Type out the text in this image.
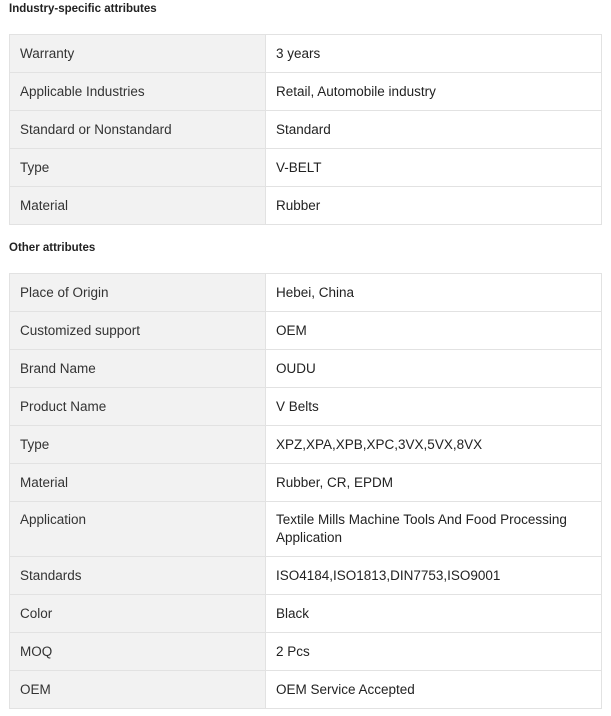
Industry-specific attributes
Warranty	3 years
Applicable Industries	Retail, Automobile industry
Standard or Nonstandard	Standard
Type	V-BELT
Material	Rubber
Other attributes
Place of Origin	Hebei, China
Customized support	OEM
Brand Name	OUDU
Product Name	V Belts
Type	XPZ,XPA,XPB,XPC,3VX,5VX,8VX
Material	Rubber, CR, EPDM
Application	Textile Mills Machine Tools And Food Processing Application
Standards	ISO4184,ISO1813,DIN7753,ISO9001
Color	Black
MOQ	2 Pcs
OEM	OEM Service Accepted
